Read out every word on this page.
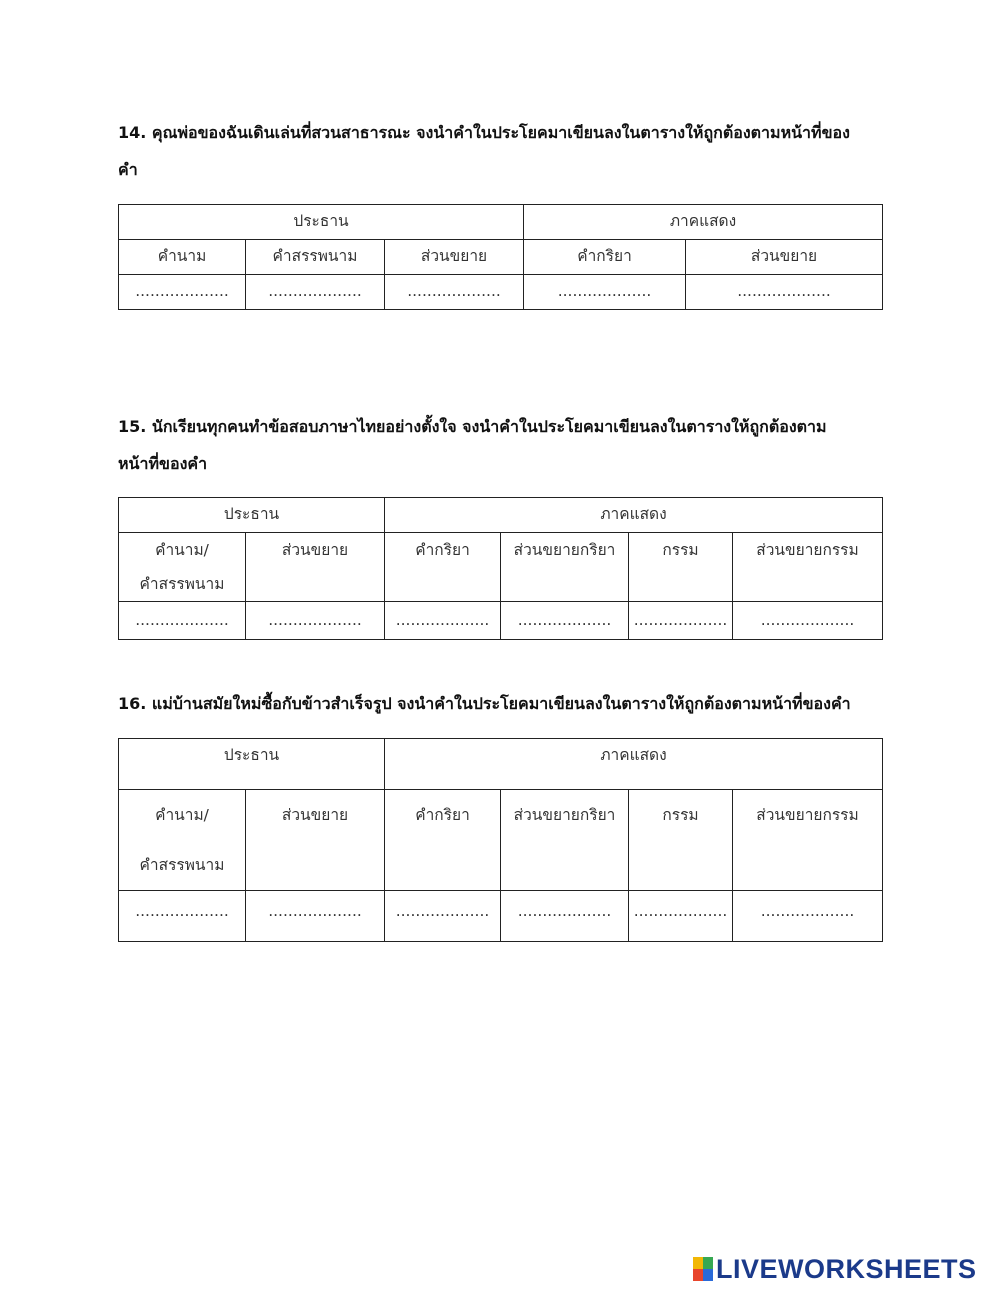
14. คุณพ่อของฉันเดินเล่นที่สวนสาธารณะ จงนำคำในประโยคมาเขียนลงในตารางให้ถูกต้องตามหน้าที่ของ
คำ
ประธาน			ภาคแสดง	
คำนาม	คำสรรพนาม	ส่วนขยาย	คำกริยา	ส่วนขยาย
...................	...................	...................	...................	...................
15. นักเรียนทุกคนทำข้อสอบภาษาไทยอย่างตั้งใจ จงนำคำในประโยคมาเขียนลงในตารางให้ถูกต้องตาม
หน้าที่ของคำ
ประธาน		ภาคแสดง			

คำนาม/
คำสรรพนาม	ส่วนขยาย	คำกริยา	ส่วนขยายกริยา	กรรม	ส่วนขยายกรรม
...................	...................	...................	...................	...................	...................
16. แม่บ้านสมัยใหม่ซื้อกับข้าวสำเร็จรูป จงนำคำในประโยคมาเขียนลงในตารางให้ถูกต้องตามหน้าที่ของคำ
ประธาน		ภาคแสดง			

คำนาม/
คำสรรพนาม	ส่วนขยาย	คำกริยา	ส่วนขยายกริยา	กรรม	ส่วนขยายกรรม
...................	...................	...................	...................	...................	...................
LIVEWORKSHEETS
